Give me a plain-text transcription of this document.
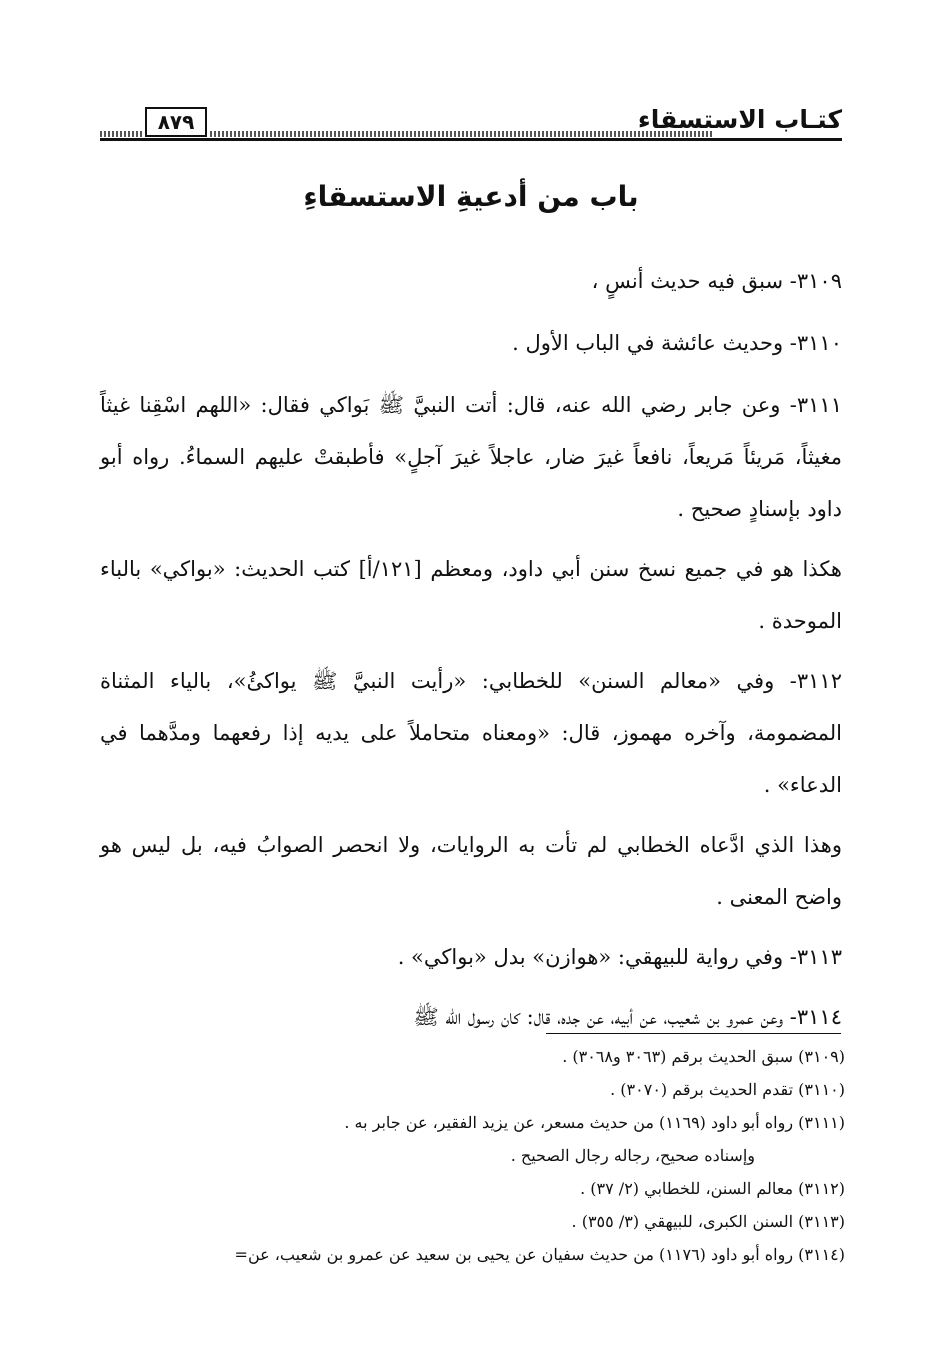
٨٧٩	كتـاب الاستسقاء
باب من أدعيةِ الاستسقاءِ

٣١٠٩- سبق فيه حديث أنسٍ ،

٣١١٠- وحديث عائشة في الباب الأول .

٣١١١- وعن جابر رضي الله عنه، قال: أتت النبيَّ ﷺ بَواكي فقال: «اللهم اسْقِنا غيثاً مغيثاً، مَريئاً مَريعاً، نافعاً غيرَ ضار، عاجلاً غيرَ آجلٍ» فأطبقتْ عليهم السماءُ. رواه أبو داود بإسنادٍ صحيح .

هكذا هو في جميع نسخ سنن أبي داود، ومعظم [١٢١/أ] كتب الحديث: «بواكي» بالباء الموحدة .

٣١١٢- وفي «معالم السنن» للخطابي: «رأيت النبيَّ ﷺ يواكئُ»، بالياء المثناة المضمومة، وآخره مهموز، قال: «ومعناه متحاملاً على يديه إذا رفعهما ومدَّهما في الدعاء» .

وهذا الذي ادَّعاه الخطابي لم تأت به الروايات، ولا انحصر الصوابُ فيه، بل ليس هو واضح المعنى .

٣١١٣- وفي رواية للبيهقي: «هوازن» بدل «بواكي» .

٣١١٤- وعن عمرو بن شعيب، عن أبيه، عن جده، قال: كان رسول الله ﷺ

(٣١٠٩) سبق الحديث برقم (٣٠٦٣ و٣٠٦٨) .

(٣١١٠) تقدم الحديث برقم (٣٠٧٠) .

(٣١١١) رواه أبو داود (١١٦٩) من حديث مسعر، عن يزيد الفقير، عن جابر به .

وإسناده صحيح، رجاله رجال الصحيح .

(٣١١٢) معالم السنن، للخطابي (٢/ ٣٧) .

(٣١١٣) السنن الكبرى، للبيهقي (٣/ ٣٥٥) .

(٣١١٤) رواه أبو داود (١١٧٦) من حديث سفيان عن يحيى بن سعيد عن عمرو بن شعيب، عن=
